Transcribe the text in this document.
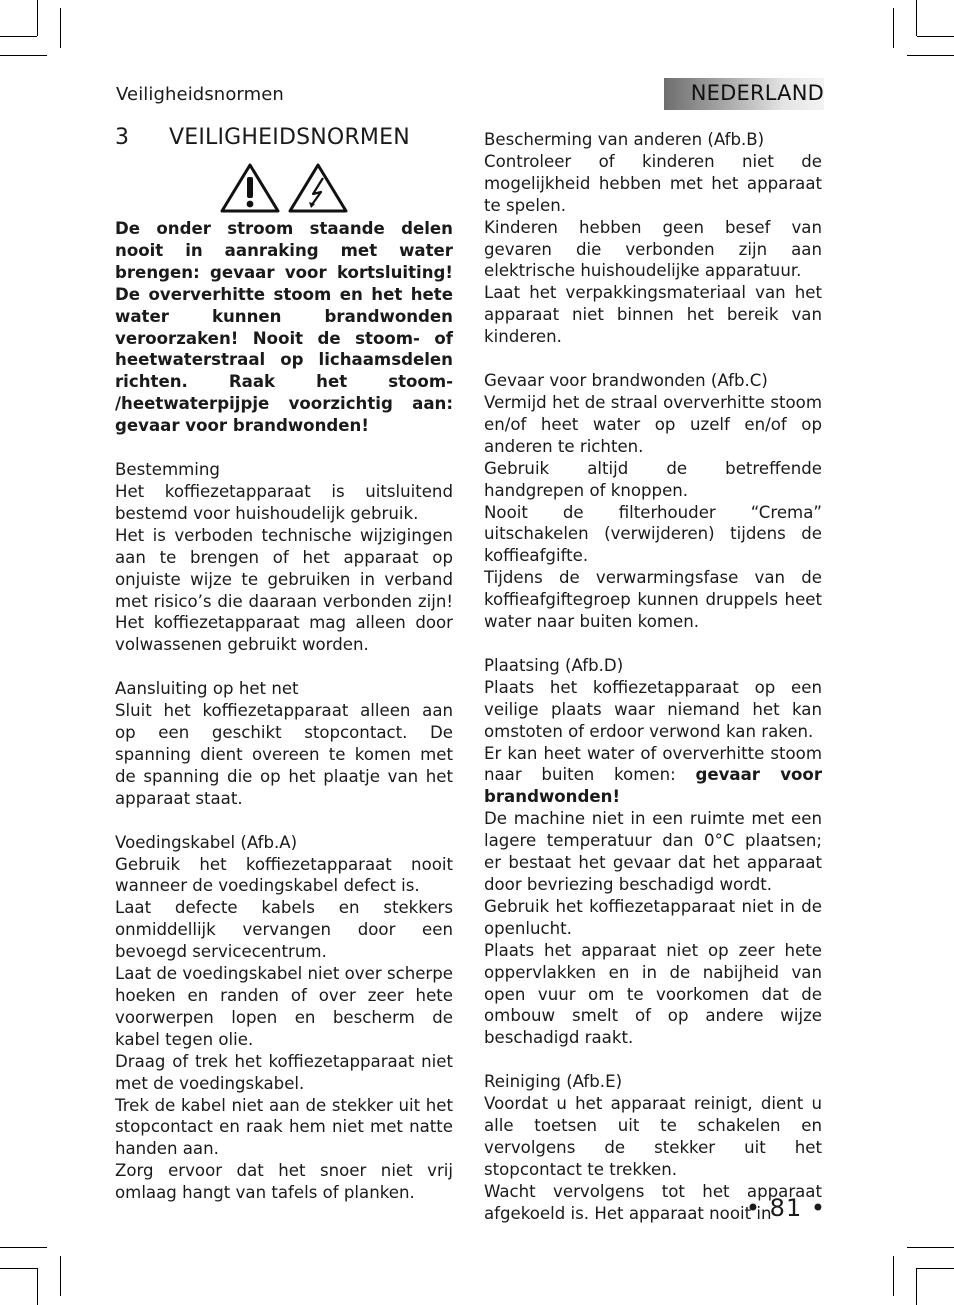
Veiligheidsnormen	NEDERLAND
3	VEILIGHEIDSNORMEN

De onder stroom staande delen nooit in aanraking met water brengen: gevaar voor kortsluiting! De oververhitte stoom en het hete water kunnen brandwonden veroorzaken! Nooit de stoom- of heetwaterstraal op lichaamsdelen richten. Raak het stoom- /heetwaterpijpje voorzichtig aan: gevaar voor brandwonden!

Bestemming

Het koffiezetapparaat is uitsluitend bestemd voor huishoudelijk gebruik.

Het is verboden technische wijzigingen aan te brengen of het apparaat op onjuiste wijze te gebruiken in verband met risico’s die daaraan verbonden zijn! Het koffiezetapparaat mag alleen door volwassenen gebruikt worden.

Aansluiting op het net

Sluit het koffiezetapparaat alleen aan op een geschikt stopcontact. De spanning dient overeen te komen met de spanning die op het plaatje van het apparaat staat.

Voedingskabel (Afb.A)

Gebruik het koffiezetapparaat nooit wanneer de voedingskabel defect is.

Laat defecte kabels en stekkers onmiddellijk vervangen door een bevoegd servicecentrum.

Laat de voedingskabel niet over scherpe hoeken en randen of over zeer hete voorwerpen lopen en bescherm de kabel tegen olie.

Draag of trek het koffiezetapparaat niet met de voedingskabel.

Trek de kabel niet aan de stekker uit het stopcontact en raak hem niet met natte handen aan.

Zorg ervoor dat het snoer niet vrij omlaag hangt van tafels of planken.

Bescherming van anderen (Afb.B)

Controleer of kinderen niet de mogelijkheid hebben met het apparaat te spelen.

Kinderen hebben geen besef van gevaren die verbonden zijn aan elektrische huishoudelijke apparatuur.

Laat het verpakkingsmateriaal van het apparaat niet binnen het bereik van kinderen.

Gevaar voor brandwonden (Afb.C)

Vermijd het de straal oververhitte stoom en/of heet water op uzelf en/of op anderen te richten.

Gebruik altijd de betreffende handgrepen of knoppen.

Nooit de filterhouder “Crema” uitschakelen (verwijderen) tijdens de koffieafgifte.

Tijdens de verwarmingsfase van de koffieafgiftegroep kunnen druppels heet water naar buiten komen.

Plaatsing (Afb.D)

Plaats het koffiezetapparaat op een veilige plaats waar niemand het kan omstoten of erdoor verwond kan raken.

Er kan heet water of oververhitte stoom naar buiten komen: gevaar voor brandwonden!

De machine niet in een ruimte met een lagere temperatuur dan 0°C plaatsen; er bestaat het gevaar dat het apparaat door bevriezing beschadigd wordt.

Gebruik het koffiezetapparaat niet in de openlucht.

Plaats het apparaat niet op zeer hete oppervlakken en in de nabijheid van open vuur om te voorkomen dat de ombouw smelt of op andere wijze beschadigd raakt.

Reiniging (Afb.E)

Voordat u het apparaat reinigt, dient u alle toetsen uit te schakelen en vervolgens de stekker uit het stopcontact te trekken.

Wacht vervolgens tot het apparaat afgekoeld is. Het apparaat nooit in

• 81 •
